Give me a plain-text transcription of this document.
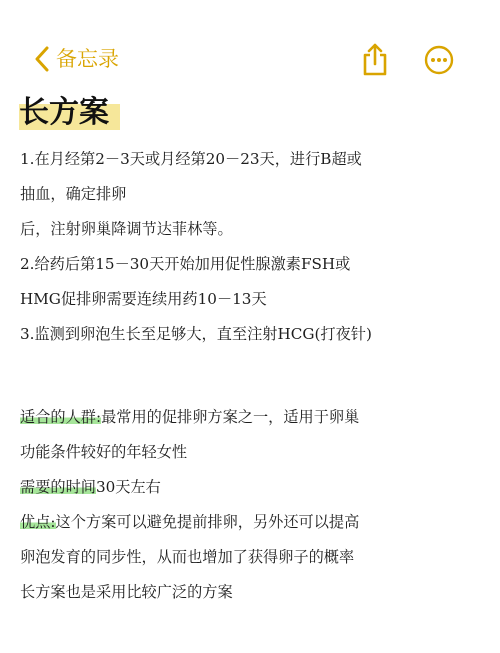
备忘录
长方案
1.在月经第2－3天或月经第20－23天，进行B超或
抽血，确定排卵
后，注射卵巢降调节达菲林等。
2.给药后第15－30天开始加用促性腺激素FSH或
HMG促排卵需要连续用药10－13天
3.监测到卵泡生长至足够大，直至注射HCG(打夜针)
适合的人群:最常用的促排卵方案之一，适用于卵巢
功能条件较好的年轻女性
需要的时间30天左右
优点:这个方案可以避免提前排卵，另外还可以提高
卵泡发育的同步性，从而也增加了获得卵子的概率
长方案也是采用比较广泛的方案
